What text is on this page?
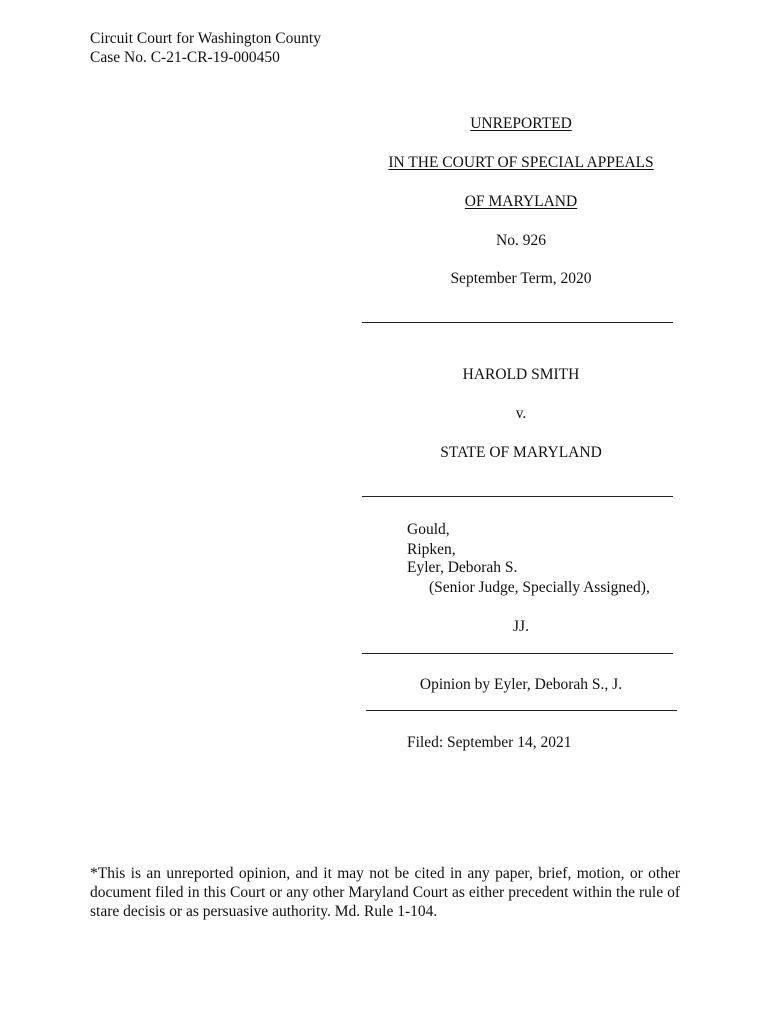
Circuit Court for Washington County
Case No. C-21-CR-19-000450
UNREPORTED
IN THE COURT OF SPECIAL APPEALS
OF MARYLAND
No. 926
September Term, 2020
HAROLD SMITH
v.
STATE OF MARYLAND
Gould,
Ripken,
Eyler, Deborah S.
(Senior Judge, Specially Assigned),
JJ.
Opinion by Eyler, Deborah S., J.
Filed: September 14, 2021
*This is an unreported opinion, and it may not be cited in any paper, brief, motion, or other document filed in this Court or any other Maryland Court as either precedent within the rule of stare decisis or as persuasive authority. Md. Rule 1-104.
